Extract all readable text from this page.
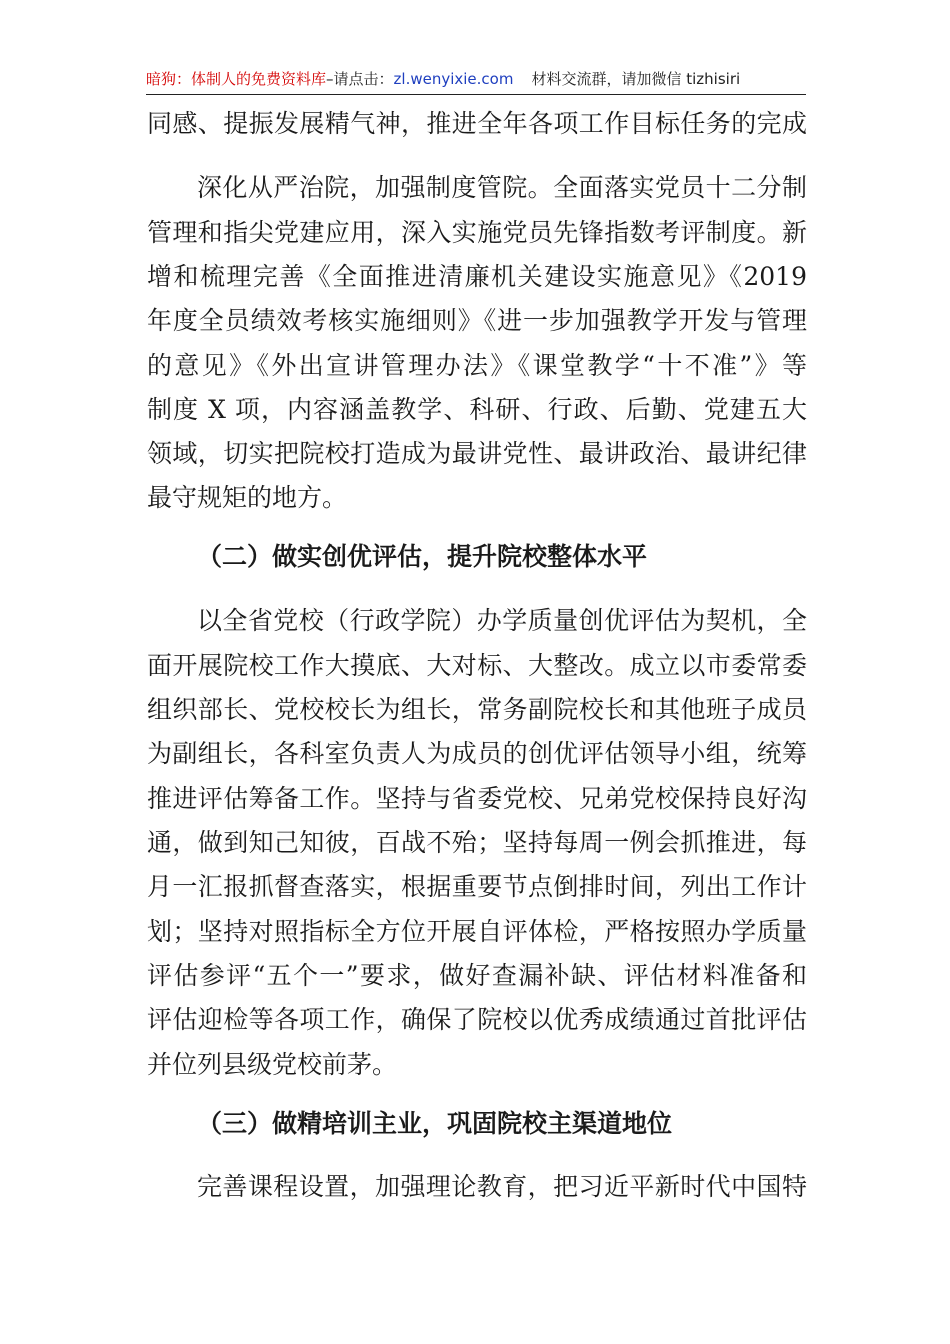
暗狗：体制人的免费资料库–请点击：zl.wenyixie.com 材料交流群，请加微信 tizhisiri
同感、提振发展精气神，推进全年各项工作目标任务的完成
深化从严治院，加强制度管院。全面落实党员十二分制
管理和指尖党建应用，深入实施党员先锋指数考评制度。新
增和梳理完善《全面推进清廉机关建设实施意见》《2019
年度全员绩效考核实施细则》《进一步加强教学开发与管理
的意见》《外出宣讲管理办法》《课堂教学“十不准”》等
制度 X 项，内容涵盖教学、科研、行政、后勤、党建五大
领域，切实把院校打造成为最讲党性、最讲政治、最讲纪律
最守规矩的地方。
（二）做实创优评估，提升院校整体水平
以全省党校（行政学院）办学质量创优评估为契机，全
面开展院校工作大摸底、大对标、大整改。成立以市委常委
组织部长、党校校长为组长，常务副院校长和其他班子成员
为副组长，各科室负责人为成员的创优评估领导小组，统筹
推进评估筹备工作。坚持与省委党校、兄弟党校保持良好沟
通，做到知己知彼，百战不殆；坚持每周一例会抓推进，每
月一汇报抓督查落实，根据重要节点倒排时间，列出工作计
划；坚持对照指标全方位开展自评体检，严格按照办学质量
评估参评“五个一”要求，做好查漏补缺、评估材料准备和
评估迎检等各项工作，确保了院校以优秀成绩通过首批评估
并位列县级党校前茅。
（三）做精培训主业，巩固院校主渠道地位
完善课程设置，加强理论教育，把习近平新时代中国特
